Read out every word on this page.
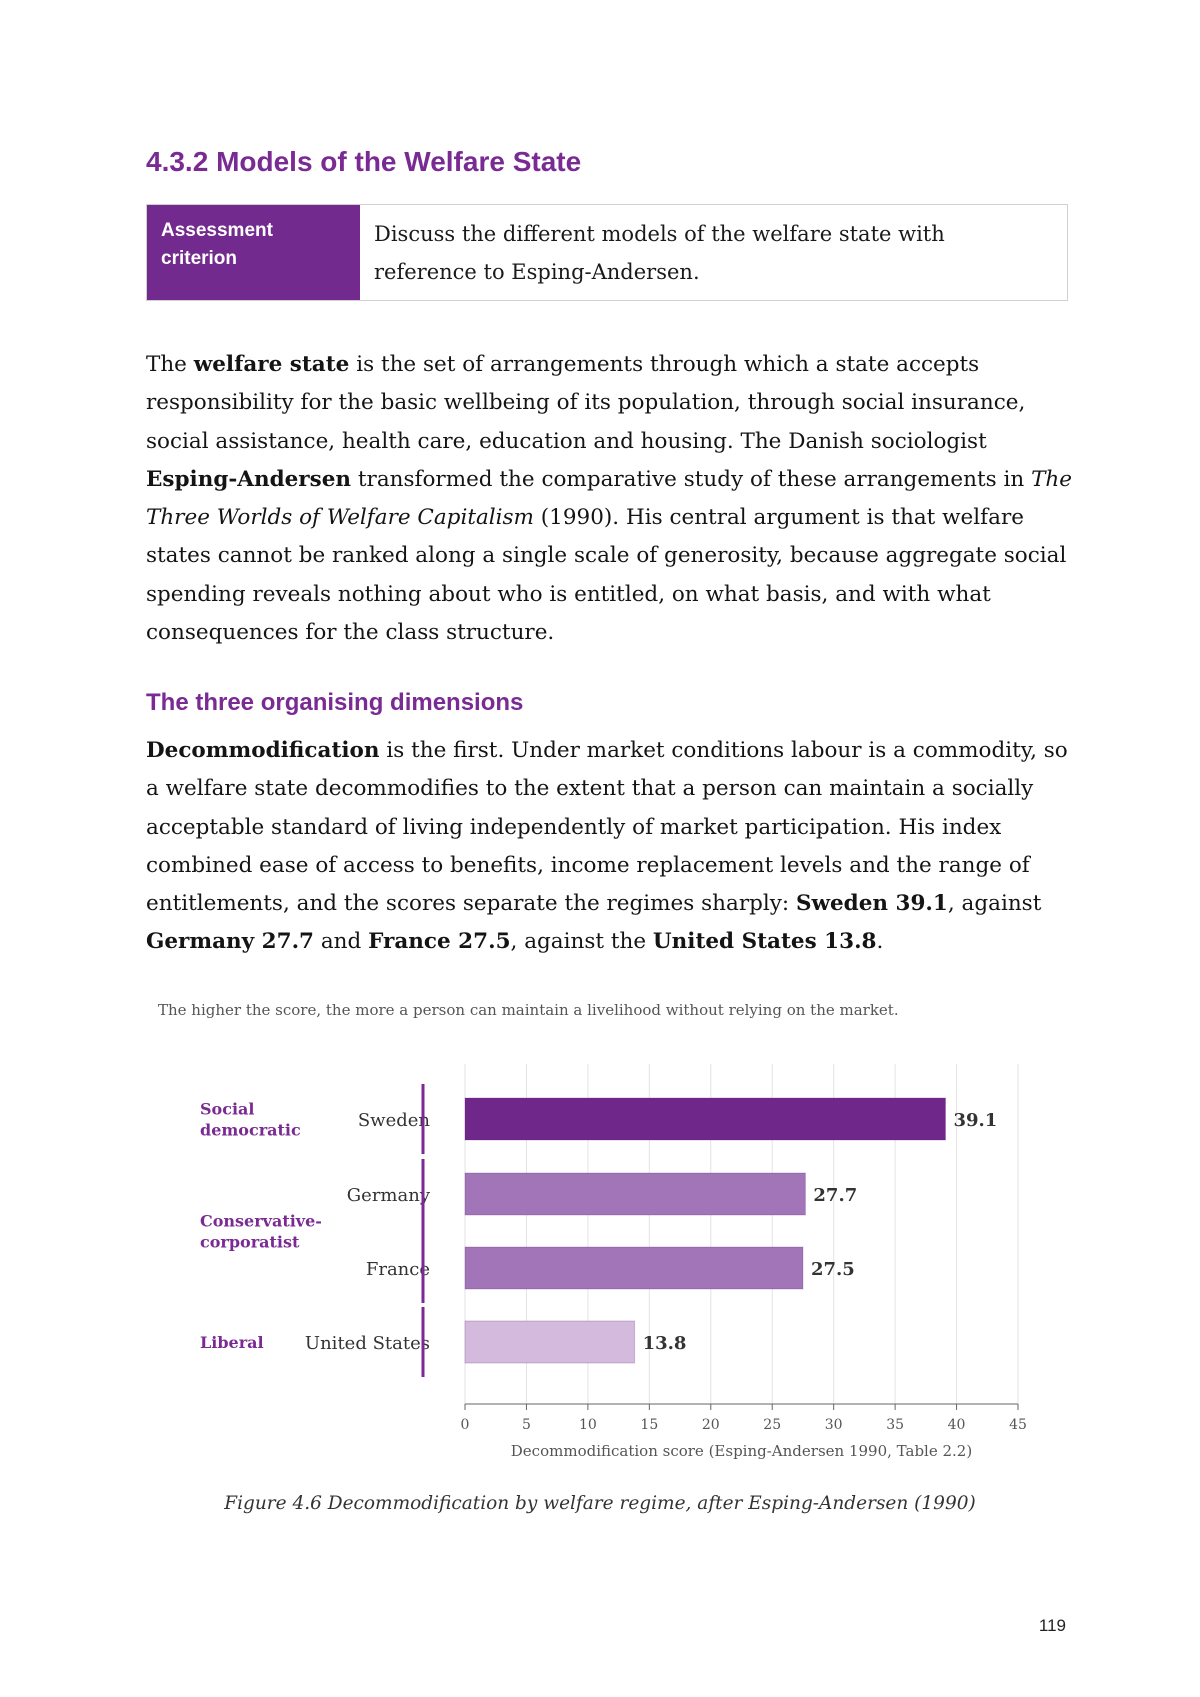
4.3.2 Models of the Welfare State
Assessment criterion
Discuss the different models of the welfare state with reference to Esping-Andersen.

The welfare state is the set of arrangements through which a state accepts responsibility for the basic wellbeing of its population, through social insurance, social assistance, health care, education and housing. The Danish sociologist Esping-Andersen transformed the comparative study of these arrangements in The Three Worlds of Welfare Capitalism (1990). His central argument is that welfare states cannot be ranked along a single scale of generosity, because aggregate social spending reveals nothing about who is entitled, on what basis, and with what consequences for the class structure.

The three organising dimensions

Decommodification is the first. Under market conditions labour is a commodity, so a welfare state decommodifies to the extent that a person can maintain a socially acceptable standard of living independently of market participation. His index combined ease of access to benefits, income replacement levels and the range of entitlements, and the scores separate the regimes sharply: Sweden 39.1, against Germany 27.7 and France 27.5, against the United States 13.8.

The higher the score, the more a person can maintain a livelihood without relying on the market.
0	5	10	15	20	25	30	35	40	45
Decommodification score (Esping-Andersen 1990, Table 2.2)
Sweden	39.1
Germany	27.7
France	27.5
United States	13.8
Social
democratic
Conservative-
corporatist
Liberal
Figure 4.6 Decommodification by welfare regime, after Esping-Andersen (1990)
119
